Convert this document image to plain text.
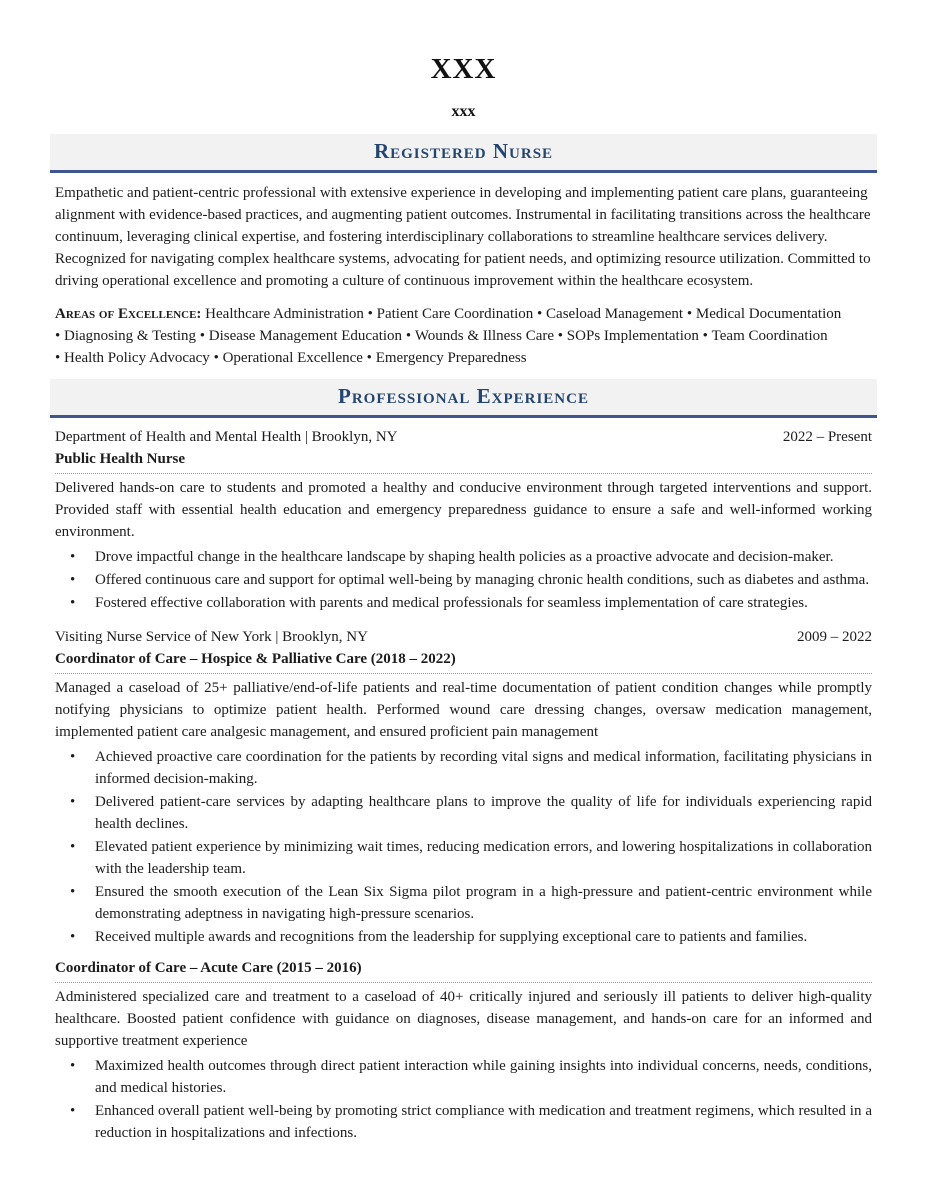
XXX
xxx
Registered Nurse

Empathetic and patient-centric professional with extensive experience in developing and implementing patient care plans, guaranteeing alignment with evidence-based practices, and augmenting patient outcomes. Instrumental in facilitating transitions across the healthcare continuum, leveraging clinical expertise, and fostering interdisciplinary collaborations to streamline healthcare services delivery. Recognized for navigating complex healthcare systems, advocating for patient needs, and optimizing resource utilization. Committed to driving operational excellence and promoting a culture of continuous improvement within the healthcare ecosystem.

Areas of Excellence: Healthcare Administration • Patient Care Coordination • Caseload Management • Medical Documentation • Diagnosing & Testing • Disease Management Education • Wounds & Illness Care • SOPs Implementation • Team Coordination • Health Policy Advocacy • Operational Excellence • Emergency Preparedness

Professional Experience
Department of Health and Mental Health | Brooklyn, NY	2022 – Present
Public Health Nurse

Delivered hands-on care to students and promoted a healthy and conducive environment through targeted interventions and support. Provided staff with essential health education and emergency preparedness guidance to ensure a safe and well-informed working environment.

• Drove impactful change in the healthcare landscape by shaping health policies as a proactive advocate and decision-maker.
• Offered continuous care and support for optimal well-being by managing chronic health conditions, such as diabetes and asthma.
• Fostered effective collaboration with parents and medical professionals for seamless implementation of care strategies.
Visiting Nurse Service of New York | Brooklyn, NY	2009 – 2022
Coordinator of Care – Hospice & Palliative Care (2018 – 2022)

Managed a caseload of 25+ palliative/end-of-life patients and real-time documentation of patient condition changes while promptly notifying physicians to optimize patient health. Performed wound care dressing changes, oversaw medication management, implemented patient care analgesic management, and ensured proficient pain management

• Achieved proactive care coordination for the patients by recording vital signs and medical information, facilitating physicians in informed decision-making.
• Delivered patient-care services by adapting healthcare plans to improve the quality of life for individuals experiencing rapid health declines.
• Elevated patient experience by minimizing wait times, reducing medication errors, and lowering hospitalizations in collaboration with the leadership team.
• Ensured the smooth execution of the Lean Six Sigma pilot program in a high-pressure and patient-centric environment while demonstrating adeptness in navigating high-pressure scenarios.
• Received multiple awards and recognitions from the leadership for supplying exceptional care to patients and families.
Coordinator of Care – Acute Care (2015 – 2016)

Administered specialized care and treatment to a caseload of 40+ critically injured and seriously ill patients to deliver high-quality healthcare. Boosted patient confidence with guidance on diagnoses, disease management, and hands-on care for an informed and supportive treatment experience

• Maximized health outcomes through direct patient interaction while gaining insights into individual concerns, needs, conditions, and medical histories.
• Enhanced overall patient well-being by promoting strict compliance with medication and treatment regimens, which resulted in a reduction in hospitalizations and infections.
